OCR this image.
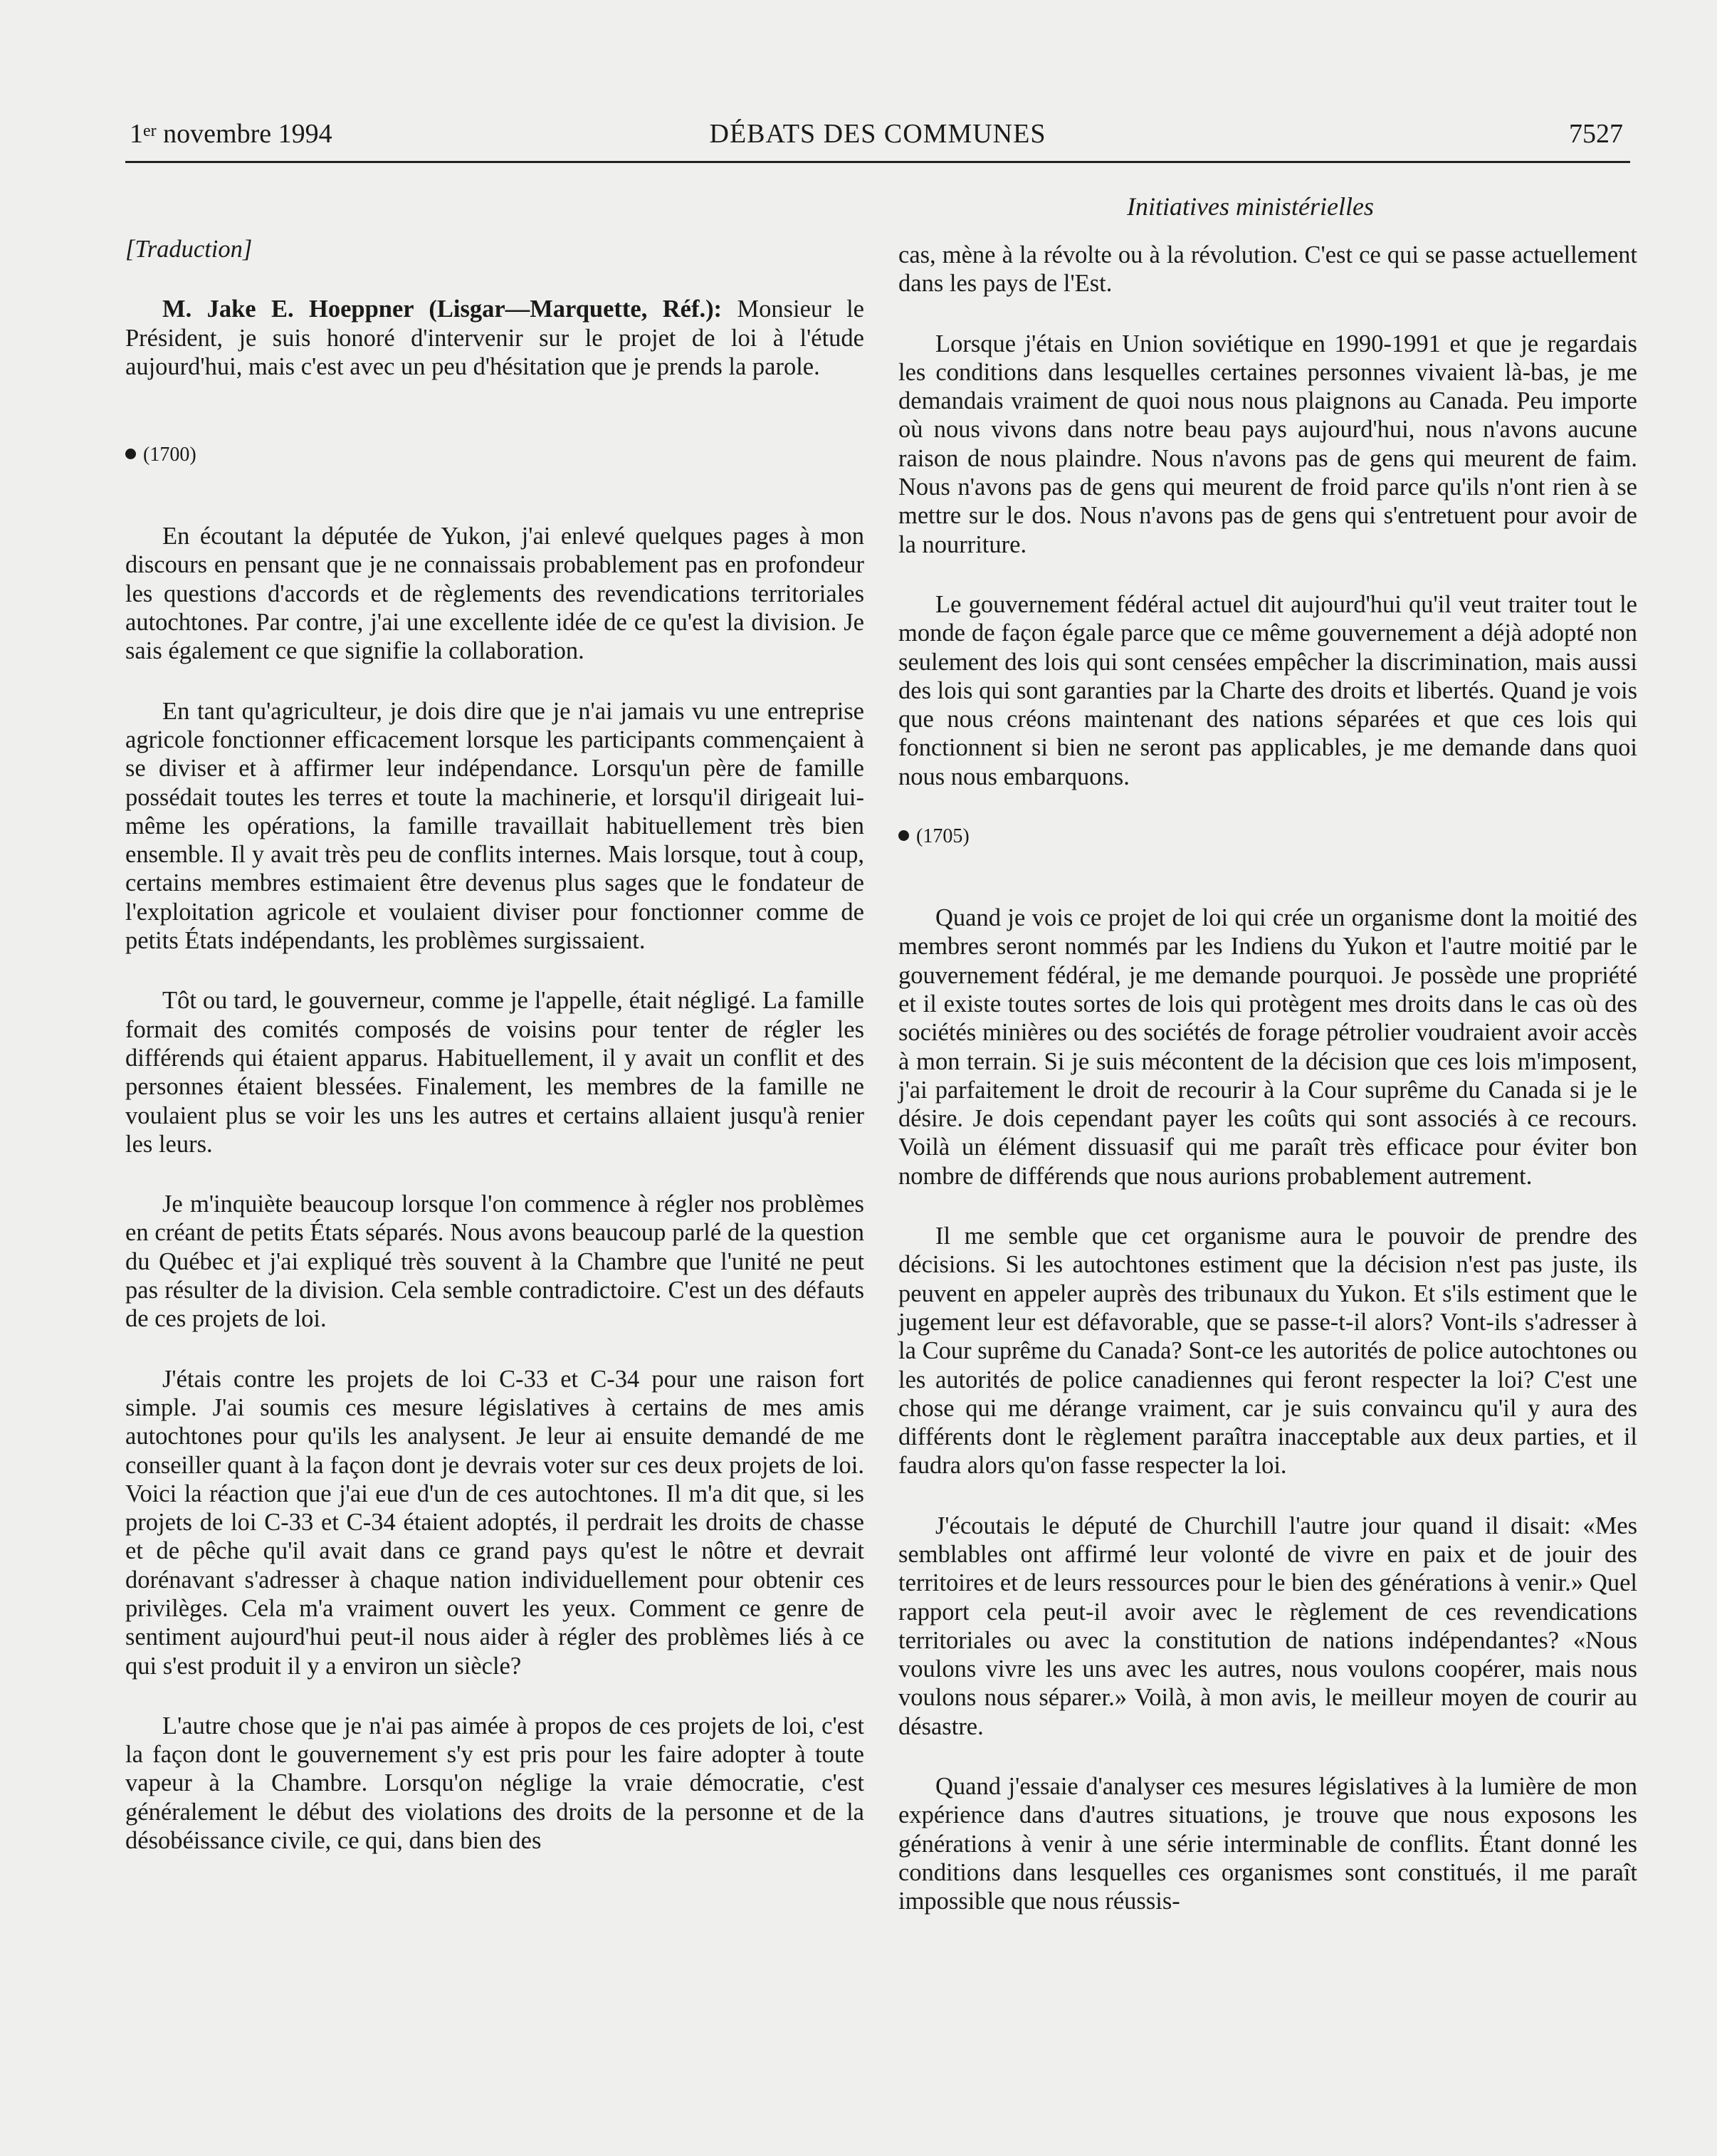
1er novembre 1994	DÉBATS DES COMMUNES	7527
Initiatives ministérielles

[Traduction]

M. Jake E. Hoeppner (Lisgar—Marquette, Réf.): Monsieur le Président, je suis honoré d'intervenir sur le projet de loi à l'étude aujourd'hui, mais c'est avec un peu d'hésitation que je prends la parole.

(1700)

En écoutant la députée de Yukon, j'ai enlevé quelques pages à mon discours en pensant que je ne connaissais probablement pas en profondeur les questions d'accords et de règlements des revendications territoriales autochtones. Par contre, j'ai une excellente idée de ce qu'est la division. Je sais également ce que signifie la collaboration.

En tant qu'agriculteur, je dois dire que je n'ai jamais vu une entreprise agricole fonctionner efficacement lorsque les participants commençaient à se diviser et à affirmer leur indépendance. Lorsqu'un père de famille possédait toutes les terres et toute la machinerie, et lorsqu'il dirigeait lui-même les opérations, la famille travaillait habituellement très bien ensemble. Il y avait très peu de conflits internes. Mais lorsque, tout à coup, certains membres estimaient être devenus plus sages que le fondateur de l'exploitation agricole et voulaient diviser pour fonctionner comme de petits États indépendants, les problèmes surgissaient.

Tôt ou tard, le gouverneur, comme je l'appelle, était négligé. La famille formait des comités composés de voisins pour tenter de régler les différends qui étaient apparus. Habituellement, il y avait un conflit et des personnes étaient blessées. Finalement, les membres de la famille ne voulaient plus se voir les uns les autres et certains allaient jusqu'à renier les leurs.

Je m'inquiète beaucoup lorsque l'on commence à régler nos problèmes en créant de petits États séparés. Nous avons beaucoup parlé de la question du Québec et j'ai expliqué très souvent à la Chambre que l'unité ne peut pas résulter de la division. Cela semble contradictoire. C'est un des défauts de ces projets de loi.

J'étais contre les projets de loi C-33 et C-34 pour une raison fort simple. J'ai soumis ces mesure législatives à certains de mes amis autochtones pour qu'ils les analysent. Je leur ai ensuite demandé de me conseiller quant à la façon dont je devrais voter sur ces deux projets de loi. Voici la réaction que j'ai eue d'un de ces autochtones. Il m'a dit que, si les projets de loi C-33 et C-34 étaient adoptés, il perdrait les droits de chasse et de pêche qu'il avait dans ce grand pays qu'est le nôtre et devrait dorénavant s'adresser à chaque nation individuellement pour obtenir ces privilèges. Cela m'a vraiment ouvert les yeux. Comment ce genre de sentiment aujourd'hui peut-il nous aider à régler des problèmes liés à ce qui s'est produit il y a environ un siècle?

L'autre chose que je n'ai pas aimée à propos de ces projets de loi, c'est la façon dont le gouvernement s'y est pris pour les faire adopter à toute vapeur à la Chambre. Lorsqu'on néglige la vraie démocratie, c'est généralement le début des violations des droits de la personne et de la désobéissance civile, ce qui, dans bien des

cas, mène à la révolte ou à la révolution. C'est ce qui se passe actuellement dans les pays de l'Est.

Lorsque j'étais en Union soviétique en 1990-1991 et que je regardais les conditions dans lesquelles certaines personnes vivaient là-bas, je me demandais vraiment de quoi nous nous plaignons au Canada. Peu importe où nous vivons dans notre beau pays aujourd'hui, nous n'avons aucune raison de nous plaindre. Nous n'avons pas de gens qui meurent de faim. Nous n'avons pas de gens qui meurent de froid parce qu'ils n'ont rien à se mettre sur le dos. Nous n'avons pas de gens qui s'entretuent pour avoir de la nourriture.

Le gouvernement fédéral actuel dit aujourd'hui qu'il veut traiter tout le monde de façon égale parce que ce même gouvernement a déjà adopté non seulement des lois qui sont censées empêcher la discrimination, mais aussi des lois qui sont garanties par la Charte des droits et libertés. Quand je vois que nous créons maintenant des nations séparées et que ces lois qui fonctionnent si bien ne seront pas applicables, je me demande dans quoi nous nous embarquons.

(1705)

Quand je vois ce projet de loi qui crée un organisme dont la moitié des membres seront nommés par les Indiens du Yukon et l'autre moitié par le gouvernement fédéral, je me demande pourquoi. Je possède une propriété et il existe toutes sortes de lois qui protègent mes droits dans le cas où des sociétés minières ou des sociétés de forage pétrolier voudraient avoir accès à mon terrain. Si je suis mécontent de la décision que ces lois m'imposent, j'ai parfaitement le droit de recourir à la Cour suprême du Canada si je le désire. Je dois cependant payer les coûts qui sont associés à ce recours. Voilà un élément dissuasif qui me paraît très efficace pour éviter bon nombre de différends que nous aurions probablement autrement.

Il me semble que cet organisme aura le pouvoir de prendre des décisions. Si les autochtones estiment que la décision n'est pas juste, ils peuvent en appeler auprès des tribunaux du Yukon. Et s'ils estiment que le jugement leur est défavorable, que se passe-t-il alors? Vont-ils s'adresser à la Cour suprême du Canada? Sont-ce les autorités de police autochtones ou les autorités de police canadiennes qui feront respecter la loi? C'est une chose qui me dérange vraiment, car je suis convaincu qu'il y aura des différents dont le règlement paraîtra inacceptable aux deux parties, et il faudra alors qu'on fasse respecter la loi.

J'écoutais le député de Churchill l'autre jour quand il disait: «Mes semblables ont affirmé leur volonté de vivre en paix et de jouir des territoires et de leurs ressources pour le bien des générations à venir.» Quel rapport cela peut-il avoir avec le règlement de ces revendications territoriales ou avec la constitution de nations indépendantes? «Nous voulons vivre les uns avec les autres, nous voulons coopérer, mais nous voulons nous séparer.» Voilà, à mon avis, le meilleur moyen de courir au désastre.

Quand j'essaie d'analyser ces mesures législatives à la lumière de mon expérience dans d'autres situations, je trouve que nous exposons les générations à venir à une série interminable de conflits. Étant donné les conditions dans lesquelles ces organismes sont constitués, il me paraît impossible que nous réussis-
